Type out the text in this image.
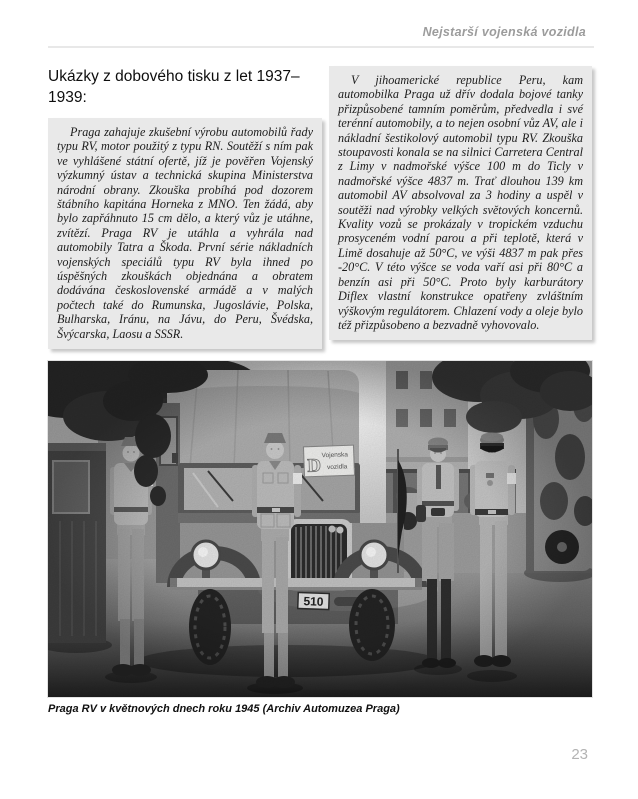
Nejstarší vojenská vozidla
Ukázky z dobového tisku z let 1937–1939:

Praga zahajuje zkušební výrobu automobilů řady typu RV, motor použitý z typu RN. Soutěží s ním pak ve vyhlášené státní ofertě, jíž je pověřen Vojenský výzkumný ústav a technická skupina Ministerstva národní obrany. Zkouška probíhá pod dozorem štábního kapitána Horneka z MNO. Ten žádá, aby bylo zapřáhnuto 15 cm dělo, a který vůz je utáhne, zvítězí. Praga RV je utáhla a vyhrála nad automobily Tatra a Škoda. První série nákladních vojenských speciálů typu RV byla ihned po úspěšných zkouškách objednána a obratem dodávána československé armádě a v malých počtech také do Rumunska, Jugoslávie, Polska, Bulharska, Iránu, na Jávu, do Peru, Švédska, Švýcarska, Laosu a SSSR.

V jihoamerické republice Peru, kam automobilka Praga už dřív dodala bojové tanky přizpůsobené tamním poměrům, předvedla i své terénní automobily, a to nejen osobní vůz AV, ale i nákladní šestikolový automobil typu RV. Zkouška stoupavosti konala se na silnici Carretera Central z Limy v nadmořské výšce 100 m do Ticly v nadmořské výšce 4837 m. Trať dlouhou 139 km automobil AV absolvoval za 3 hodiny a uspěl v soutěži nad výrobky velkých světových koncernů. Kvality vozů se prokázaly v tropickém vzduchu prosyceném vodní parou a při teplotě, která v Limě dosahuje až 50°C, ve výši 4837 m pak přes -20°C. V této výšce se voda vaří asi při 80°C a benzín asi při 50°C. Proto byly karburátory Diflex vlastní konstrukce opatřeny zvláštním výškovým regulátorem. Chlazení vody a oleje bylo též přizpůsobeno a bezvadně vyhovovalo.

Praga RV v květnových dnech roku 1945 (Archiv Automuzea Praga)
23
